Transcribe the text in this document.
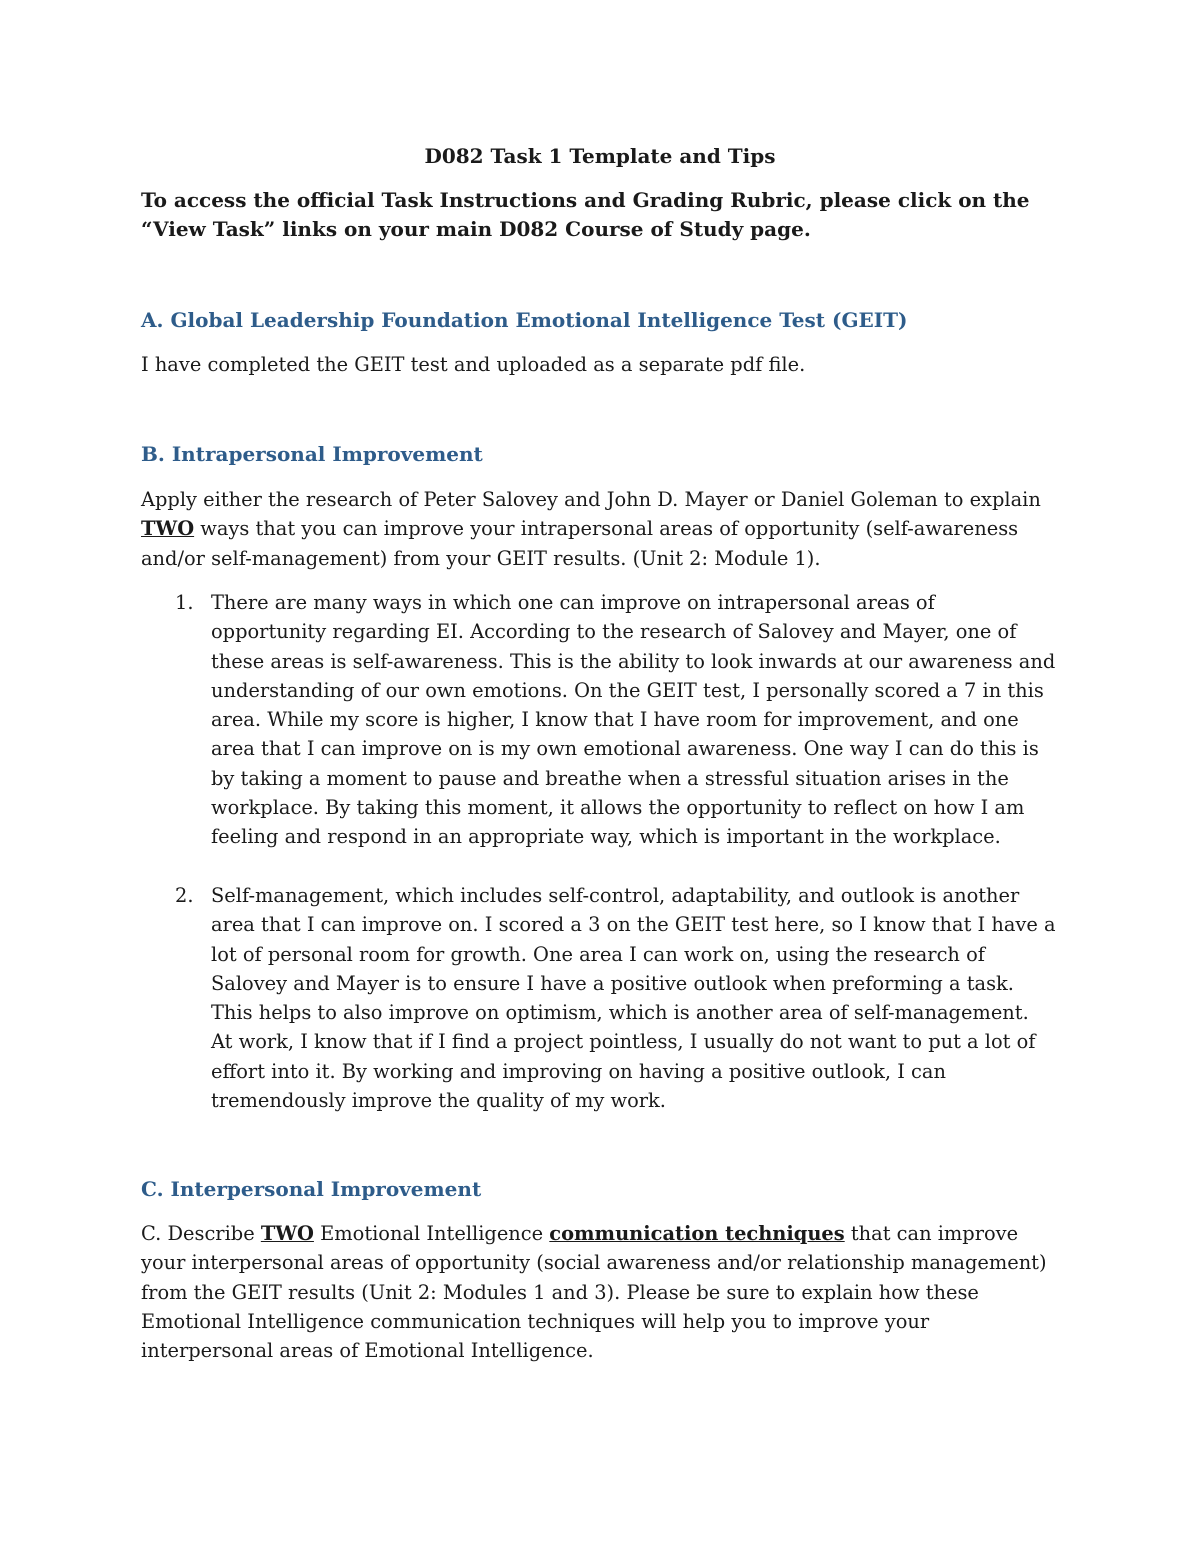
D082 Task 1 Template and Tips
To access the official Task Instructions and Grading Rubric, please click on the “View Task” links on your main D082 Course of Study page.
A. Global Leadership Foundation Emotional Intelligence Test (GEIT)
I have completed the GEIT test and uploaded as a separate pdf file.
B. Intrapersonal Improvement
Apply either the research of Peter Salovey and John D. Mayer or Daniel Goleman to explain TWO ways that you can improve your intrapersonal areas of opportunity (self-awareness and/or self-management) from your GEIT results. (Unit 2: Module 1).
1. There are many ways in which one can improve on intrapersonal areas of opportunity regarding EI. According to the research of Salovey and Mayer, one of these areas is self-awareness. This is the ability to look inwards at our awareness and understanding of our own emotions. On the GEIT test, I personally scored a 7 in this area. While my score is higher, I know that I have room for improvement, and one area that I can improve on is my own emotional awareness. One way I can do this is by taking a moment to pause and breathe when a stressful situation arises in the workplace. By taking this moment, it allows the opportunity to reflect on how I am feeling and respond in an appropriate way, which is important in the workplace.
2. Self-management, which includes self-control, adaptability, and outlook is another area that I can improve on. I scored a 3 on the GEIT test here, so I know that I have a lot of personal room for growth. One area I can work on, using the research of Salovey and Mayer is to ensure I have a positive outlook when preforming a task. This helps to also improve on optimism, which is another area of self-management. At work, I know that if I find a project pointless, I usually do not want to put a lot of effort into it. By working and improving on having a positive outlook, I can tremendously improve the quality of my work.
C. Interpersonal Improvement
C. Describe TWO Emotional Intelligence communication techniques that can improve your interpersonal areas of opportunity (social awareness and/or relationship management) from the GEIT results (Unit 2: Modules 1 and 3). Please be sure to explain how these Emotional Intelligence communication techniques will help you to improve your interpersonal areas of Emotional Intelligence.
